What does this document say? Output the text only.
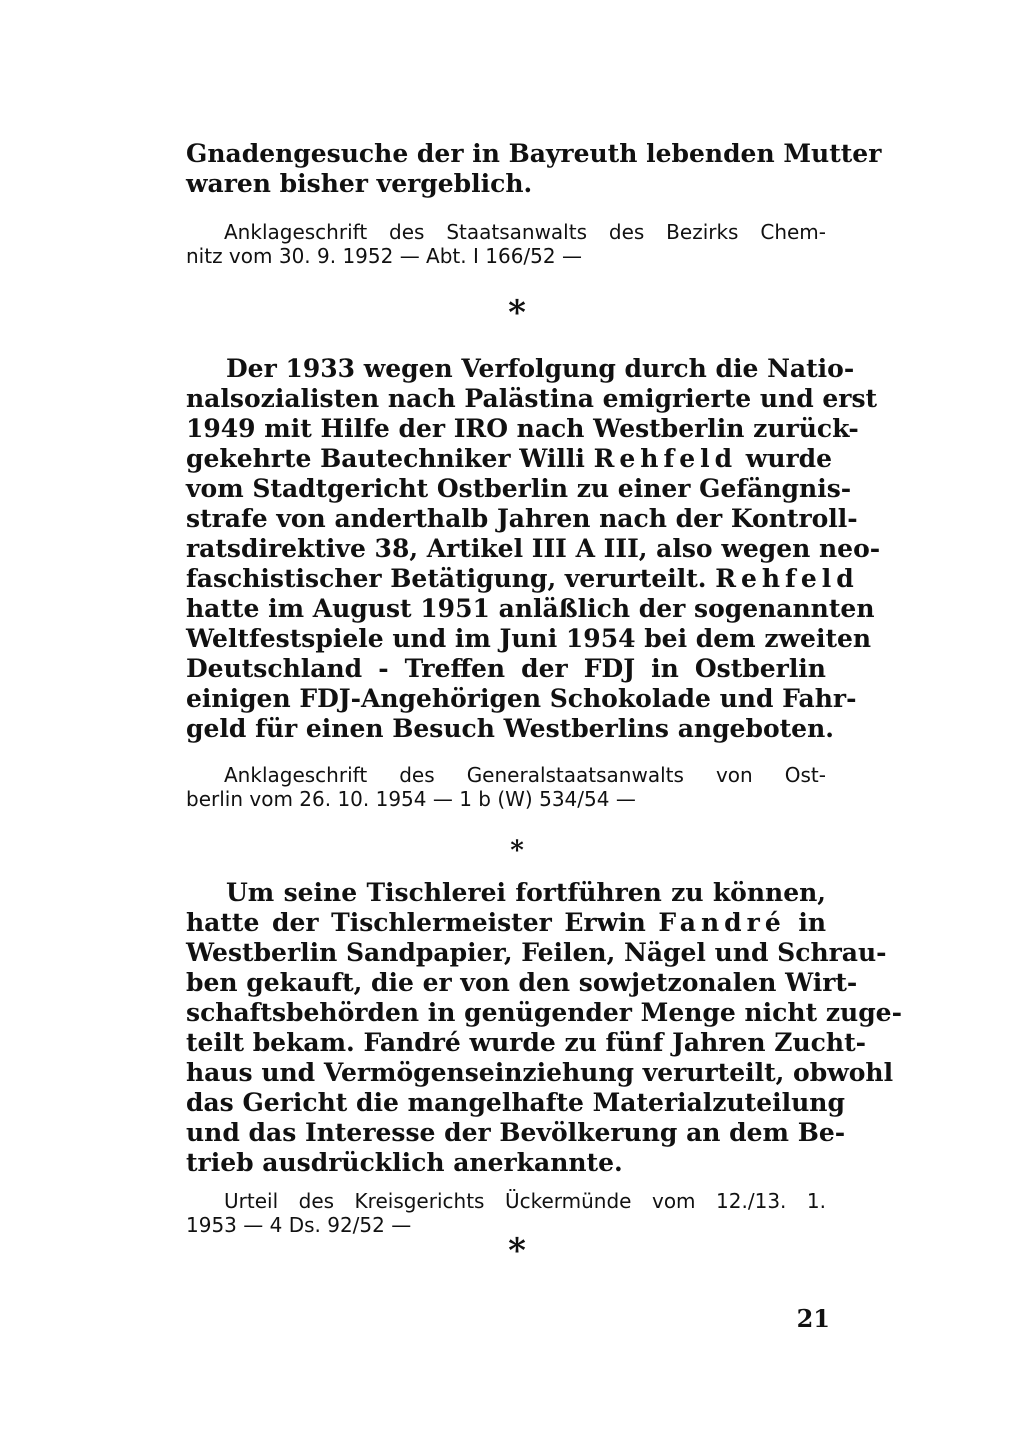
Gnadengesuche der in Bayreuth lebenden Mutter
waren bisher vergeblich.
Anklageschrift des Staatsanwalts des Bezirks Chem-
nitz vom 30. 9. 1952 — Abt. I 166/52 —
*
Der 1933 wegen Verfolgung durch die Natio-
nalsozialisten nach Palästina emigrierte und erst
1949 mit Hilfe der IRO nach Westberlin zurück-
gekehrte Bautechniker Willi Rehfeld wurde
vom Stadtgericht Ostberlin zu einer Gefängnis-
strafe von anderthalb Jahren nach der Kontroll-
ratsdirektive 38, Artikel III A III, also wegen neo-
faschistischer Betätigung, verurteilt. Rehfeld
hatte im August 1951 anläßlich der sogenannten
Weltfestspiele und im Juni 1954 bei dem zweiten
Deutschland - Treffen der FDJ in Ostberlin
einigen FDJ-Angehörigen Schokolade und Fahr-
geld für einen Besuch Westberlins angeboten.
Anklageschrift des Generalstaatsanwalts von Ost-
berlin vom 26. 10. 1954 — 1 b (W) 534/54 —
*
Um seine Tischlerei fortführen zu können,
hatte der Tischlermeister Erwin Fandré in
Westberlin Sandpapier, Feilen, Nägel und Schrau-
ben gekauft, die er von den sowjetzonalen Wirt-
schaftsbehörden in genügender Menge nicht zuge-
teilt bekam. Fandré wurde zu fünf Jahren Zucht-
haus und Vermögenseinziehung verurteilt, obwohl
das Gericht die mangelhafte Materialzuteilung
und das Interesse der Bevölkerung an dem Be-
trieb ausdrücklich anerkannte.
Urteil des Kreisgerichts Ückermünde vom 12./13. 1.
1953 — 4 Ds. 92/52 —
*
21
